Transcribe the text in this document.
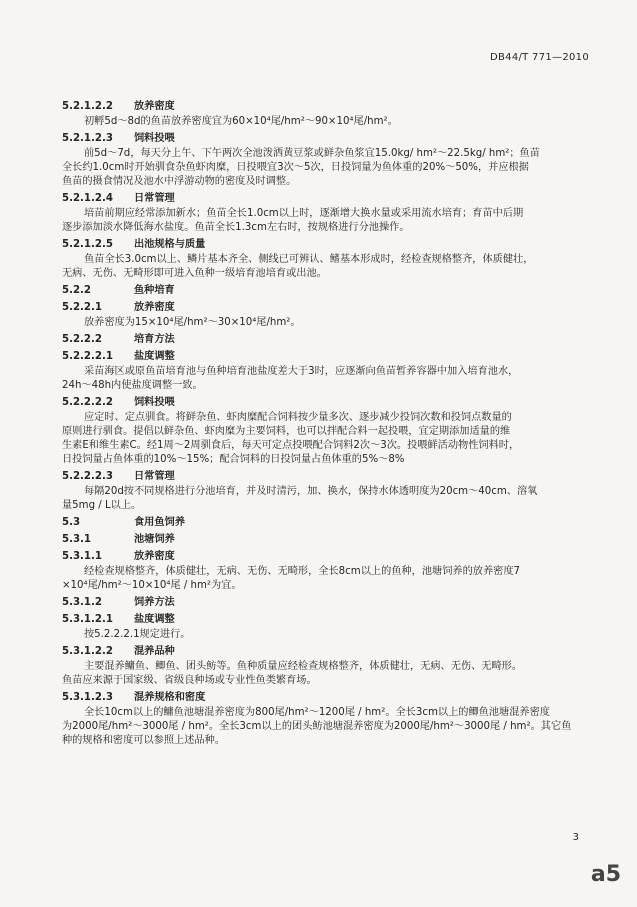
DB44/T 771—2010
5.2.1.2.2 放养密度
初孵5d～8d的鱼苗放养密度宜为60×10⁴尾/hm²～90×10⁴尾/hm²。
5.2.1.2.3 饲料投喂
前5d～7d，每天分上午、下午两次全池泼洒黄豆浆或鲜杂鱼浆宜15.0kg/ hm²～22.5kg/ hm²；鱼苗
全长约1.0cm时开始驯食杂鱼虾肉糜，日投喂宜3次～5次，日投饲量为鱼体重的20%～50%，并应根据
鱼苗的摄食情况及池水中浮游动物的密度及时调整。
5.2.1.2.4 日常管理
培苗前期应经常添加新水；鱼苗全长1.0cm以上时，逐渐增大换水量或采用流水培育；育苗中后期
逐步添加淡水降低海水盐度。鱼苗全长1.3cm左右时，按规格进行分池操作。
5.2.1.2.5 出池规格与质量
鱼苗全长3.0cm以上、鳞片基本齐全、侧线已可辨认、鳍基本形成时，经检查规格整齐，体质健壮，
无病、无伤、无畸形即可进入鱼种一级培育池培育或出池。
5.2.2	鱼种培育
5.2.2.1	放养密度
放养密度为15×10⁴尾/hm²～30×10⁴尾/hm²。
5.2.2.2	培育方法
5.2.2.2.1 盐度调整
采苗海区或原鱼苗培育池与鱼种培育池盐度差大于3时，应逐渐向鱼苗暂养容器中加入培育池水，
24h～48h内使盐度调整一致。
5.2.2.2.2 饲料投喂
应定时、定点驯食。将鲜杂鱼、虾肉糜配合饲料按少量多次、逐步减少投饲次数和投饲点数量的
原则进行驯食。提倡以鲜杂鱼、虾肉糜为主要饲料，也可以拌配合料一起投喂，宜定期添加适量的维
生素E和维生素C。经1周～2周驯食后，每天可定点投喂配合饲料2次～3次。投喂鲜活动物性饲料时，
日投饲量占鱼体重的10%～15%；配合饲料的日投饲量占鱼体重的5%～8%
5.2.2.2.3 日常管理
每隔20d按不同规格进行分池培育，并及时清污，加、换水，保持水体透明度为20cm～40cm、溶氧
量5mg / L以上。
5.3	食用鱼饲养
5.3.1	池塘饲养
5.3.1.1	放养密度
经检查规格整齐，体质健壮，无病、无伤、无畸形，全长8cm以上的鱼种，池塘饲养的放养密度7
×10⁴尾/hm²～10×10⁴尾 / hm²为宜。
5.3.1.2	饲养方法
5.3.1.2.1 盐度调整
按5.2.2.2.1规定进行。
5.3.1.2.2 混养品种
主要混养鳙鱼、鲫鱼、团头鲂等。鱼种质量应经检查规格整齐，体质健壮，无病、无伤、无畸形。
鱼苗应来源于国家级、省级良种场或专业性鱼类繁育场。
5.3.1.2.3 混养规格和密度
全长10cm以上的鳙鱼池塘混养密度为800尾/hm²～1200尾 / hm²。全长3cm以上的鲫鱼池塘混养密度
为2000尾/hm²～3000尾 / hm²。全长3cm以上的团头鲂池塘混养密度为2000尾/hm²～3000尾 / hm²。其它鱼
种的规格和密度可以参照上述品种。
3
a5
